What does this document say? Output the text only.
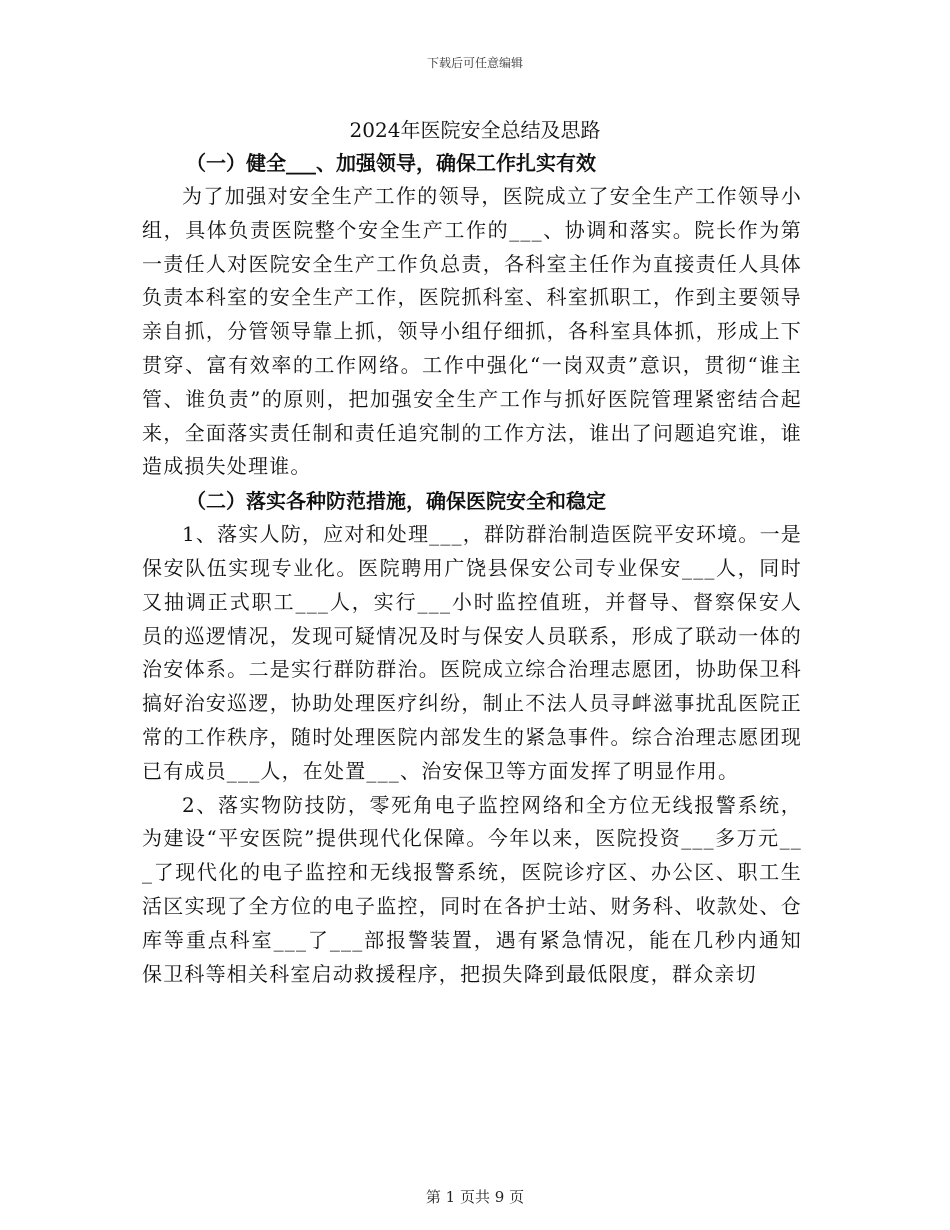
下载后可任意编辑
2024年医院安全总结及思路
（一）健全___、加强领导，确保工作扎实有效

为了加强对安全生产工作的领导，医院成立了安全生产工作领导小组，具体负责医院整个安全生产工作的___、协调和落实。院长作为第一责任人对医院安全生产工作负总责，各科室主任作为直接责任人具体负责本科室的安全生产工作，医院抓科室、科室抓职工，作到主要领导亲自抓，分管领导靠上抓，领导小组仔细抓，各科室具体抓，形成上下贯穿、富有效率的工作网络。工作中强化“一岗双责”意识，贯彻“谁主管、谁负责”的原则，把加强安全生产工作与抓好医院管理紧密结合起来，全面落实责任制和责任追究制的工作方法，谁出了问题追究谁，谁造成损失处理谁。

（二）落实各种防范措施，确保医院安全和稳定

1、落实人防，应对和处理___，群防群治制造医院平安环境。一是保安队伍实现专业化。医院聘用广饶县保安公司专业保安___人，同时又抽调正式职工___人，实行___小时监控值班，并督导、督察保安人员的巡逻情况，发现可疑情况及时与保安人员联系，形成了联动一体的治安体系。二是实行群防群治。医院成立综合治理志愿团，协助保卫科搞好治安巡逻，协助处理医疗纠纷，制止不法人员寻衅滋事扰乱医院正常的工作秩序，随时处理医院内部发生的紧急事件。综合治理志愿团现已有成员___人，在处置___、治安保卫等方面发挥了明显作用。

2、落实物防技防，零死角电子监控网络和全方位无线报警系统，为建设“平安医院”提供现代化保障。今年以来，医院投资___多万元___了现代化的电子监控和无线报警系统，医院诊疗区、办公区、职工生活区实现了全方位的电子监控，同时在各护士站、财务科、收款处、仓库等重点科室___了___部报警装置，遇有紧急情况，能在几秒内通知保卫科等相关科室启动救援程序，把损失降到最低限度，群众亲切

第 1 页共 9 页
